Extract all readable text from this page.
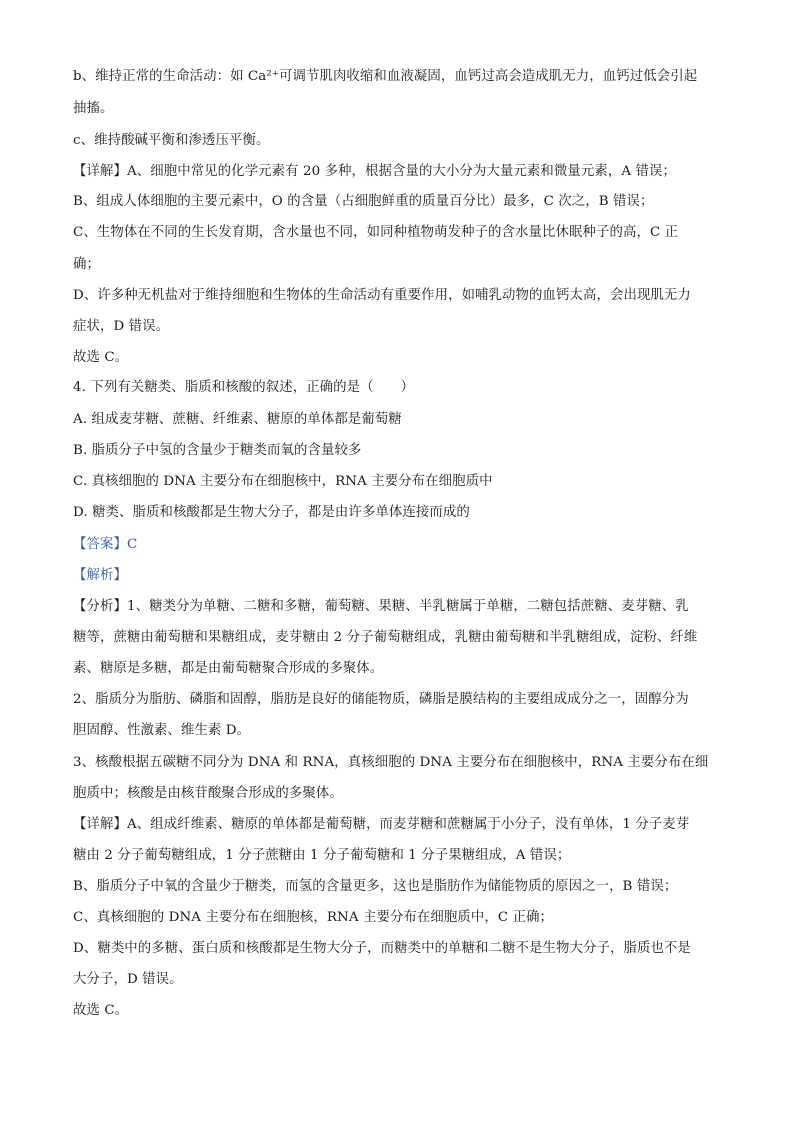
b、维持正常的生命活动：如 Ca²⁺可调节肌肉收缩和血液凝固，血钙过高会造成肌无力，血钙过低会引起
抽搐。
c、维持酸碱平衡和渗透压平衡。
【详解】A、细胞中常见的化学元素有 20 多种，根据含量的大小分为大量元素和微量元素，A 错误；
B、组成人体细胞的主要元素中，O 的含量（占细胞鲜重的质量百分比）最多，C 次之，B 错误；
C、生物体在不同的生长发育期，含水量也不同，如同种植物萌发种子的含水量比休眠种子的高，C 正
确；
D、许多种无机盐对于维持细胞和生物体的生命活动有重要作用，如哺乳动物的血钙太高，会出现肌无力
症状，D 错误。
故选 C。
4. 下列有关糖类、脂质和核酸的叙述，正确的是（　　）
A. 组成麦芽糖、蔗糖、纤维素、糖原的单体都是葡萄糖
B. 脂质分子中氢的含量少于糖类而氧的含量较多
C. 真核细胞的 DNA 主要分布在细胞核中，RNA 主要分布在细胞质中
D. 糖类、脂质和核酸都是生物大分子，都是由许多单体连接而成的
【答案】C
【解析】
【分析】1、糖类分为单糖、二糖和多糖，葡萄糖、果糖、半乳糖属于单糖，二糖包括蔗糖、麦芽糖、乳
糖等，蔗糖由葡萄糖和果糖组成，麦芽糖由 2 分子葡萄糖组成，乳糖由葡萄糖和半乳糖组成，淀粉、纤维
素、糖原是多糖，都是由葡萄糖聚合形成的多聚体。
2、脂质分为脂肪、磷脂和固醇，脂肪是良好的储能物质，磷脂是膜结构的主要组成成分之一，固醇分为
胆固醇、性激素、维生素 D。
3、核酸根据五碳糖不同分为 DNA 和 RNA，真核细胞的 DNA 主要分布在细胞核中，RNA 主要分布在细
胞质中；核酸是由核苷酸聚合形成的多聚体。
【详解】A、组成纤维素、糖原的单体都是葡萄糖，而麦芽糖和蔗糖属于小分子，没有单体，1 分子麦芽
糖由 2 分子葡萄糖组成，1 分子蔗糖由 1 分子葡萄糖和 1 分子果糖组成，A 错误；
B、脂质分子中氧的含量少于糖类，而氢的含量更多，这也是脂肪作为储能物质的原因之一，B 错误；
C、真核细胞的 DNA 主要分布在细胞核，RNA 主要分布在细胞质中，C 正确；
D、糖类中的多糖、蛋白质和核酸都是生物大分子，而糖类中的单糖和二糖不是生物大分子，脂质也不是
大分子，D 错误。
故选 C。
